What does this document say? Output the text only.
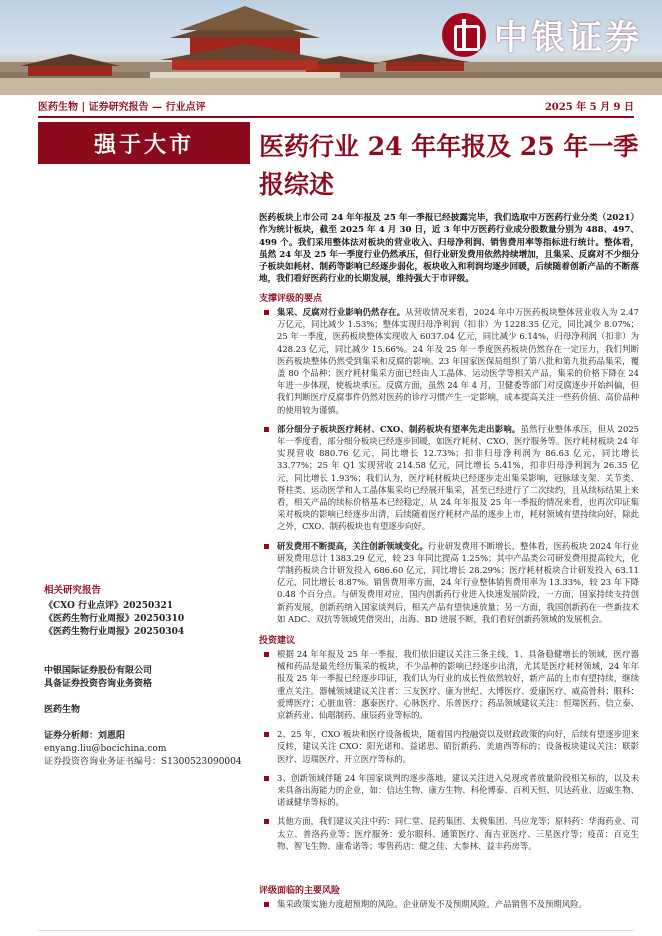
中银证券
医药生物 | 证券研究报告 — 行业点评	2025 年 5 月 9 日
强于大市	医药行业 24 年年报及 25 年一季报综述
医药板块上市公司 24 年年报及 25 年一季报已经披露完毕，我们选取中万医药行业分类（2021）作为统计板块，截至 2025 年 4 月 30 日，近 3 年中万医药行业成分股数量分别为 488、497、499 个。我们采用整体法对板块的营业收入、归母净利润、销售费用率等指标进行统计。整体看，虽然 24 年及 25 年一季度行业仍然承压，但行业研发费用依然持续增加，且集采、反腐对不少细分子板块如耗材、制药等影响已经逐步弱化，板块收入和利润均逐步回暖，后续随着创新产品的不断落地，我们看好医药行业的长期发展，维持强大于市评级。
支撑评级的要点
集采、反腐对行业影响仍然存在。从营收情况来看，2024 年中万医药板块整体营业收入为 2.47 万亿元，同比减少 1.53%；整体实现归母净利润（扣非）为 1228.35 亿元，同比减少 8.07%；25 年一季度，医药板块整体实现收入 6037.04 亿元，同比减少 6.14%，归母净利润（扣非）为 428.23 亿元，同比减少 15.66%。24 年及 25 年一季度医药板块仍然存在一定压力，我们判断医药板块整体仍然受到集采和反腐的影响。23 年国家医保局组织了第八批和第九批药品集采，覆盖 80 个品种；医疗耗材集采方面已经由人工晶体、运动医学等相关产品，集采的价格下降在 24 年进一步体现，使板块承压。反腐方面，虽然 24 年 4 月，卫健委等部门对反腐逐步开始纠偏，但我们判断医疗反腐事件仍然对医药的诊疗习惯产生一定影响，成本提高关注一些药价值、高价品种的使用较为谨慎。
部分细分子板块医疗耗材、CXO、制药板块有望率先走出影响。虽然行业整体承压，但从 2025 年一季度看，部分细分板块已经逐步回暖，如医疗耗材、CXO、医疗服务等。医疗耗材板块 24 年实现营收 880.76 亿元，同比增长 12.73%；扣非归母净利润为 86.63 亿元，同比增长 33.77%；25 年 Q1 实现营收 214.58 亿元，同比增长 5.41%，扣非归母净利润为 26.35 亿元，同比增长 1.93%；我们认为，医疗耗材板块已经逐步走出集采影响，冠脉球支架、关节类、脊柱类、运动医学和人工晶体集采均已经展开集采，甚至已经进行了二次续约，且从续标结果上来看，相关产品的续标价格基本已经稳定，从 24 年年报及 25 年一季报的情况来看，也再次印证集采对板块的影响已经逐步出清，后续随着医疗耗材产品的逐步上市，耗材领域有望持续向好，除此之外，CXO、制药板块也有望逐步向好。
研发费用不断提高，关注创新领域变化。行业研发费用不断增长，整体看，医药板块 2024 年行业研发费用总计 1383.29 亿元，较 23 年同比提高 1.25%；其中产品类公司研发费用提高较大，化学制药板块合计研发投入 686.60 亿元，同比增长 28.29%；医疗耗材板块合计研发投入 63.11 亿元，同比增长 8.87%。销售费用率方面，24 年行业整体销售费用率为 13.33%，较 23 年下降 0.48 个百分点。与研发费用对应，国内创新药行业进入快速发展阶段，一方面，国家持续支持创新药发展，创新药纳入国家谈判后，相关产品有望快速放量；另一方面，我国创新药在一些新技术如 ADC、双抗等领域凭借突出，出海、BD 进展不断，我们看好创新药领域的发展机会。
投资建议
根据 24 年年报及 25 年一季报，我们依旧建议关注三条主线，1、具备稳健增长的领域，医疗器械和药品是最先经历集采的板块，不少品种的影响已经逐步出清，尤其是医疗耗材领域，24 年年报及 25 年一季报已经逐步印证，我们认为行业的成长性依然较好，新产品的上市有望持续，继续重点关注。器械领域建议关注者：三友医疗、康为世纪、大博医疗、爱康医疗、威高骨科；眼科：爱博医疗；心脏血管：惠泰医疗、心脉医疗、乐普医疗；药品领域建议关注：恒瑞医药、信立泰、京新药业、仙琚制药、康辰药业等标的。
2、25 年，CXO 板块和医疗设备板块，随着国内投融资以及财政政策的向好，后续有望逐步迎来反转，建议关注 CXO：阳光诺和、益诺思、昭衍新药、美迪西等标的；设备板块建议关注：联影医疗、迈瑞医疗、开立医疗等标的。
3、创新领域伴随 24 年国家谈判的逐步落地，建议关注进入兑现或者放量阶段相关标的，以及未来具备出海能力的企业，如：信达生物、康方生物、科伦博泰、百利天恒、贝达药业、迈威生物、诺诚健华等标的。
其他方面，我们建议关注中药：同仁堂、昆药集团、太极集团、马应龙等；原料药：华海药业、司太立、普洛药业等；医疗服务：爱尔眼科、通策医疗、海吉亚医疗、三星医疗等；疫苗：百克生物、智飞生物、康希诺等；零售药店：健之佳、大参林、益丰药房等。
评级面临的主要风险
集采政策实施力度超预期的风险。企业研发不及预期风险。产品销售不及预期风险。
相关研究报告
《CXO 行业点评》20250321
《医药生物行业周报》20250310
《医药生物行业周报》20250304
中银国际证券股份有限公司
具备证券投资咨询业务资格
医药生物
证券分析师：刘恩阳
enyang.liu@bocichina.com
证券投资咨询业务证书编号：S1300523090004
